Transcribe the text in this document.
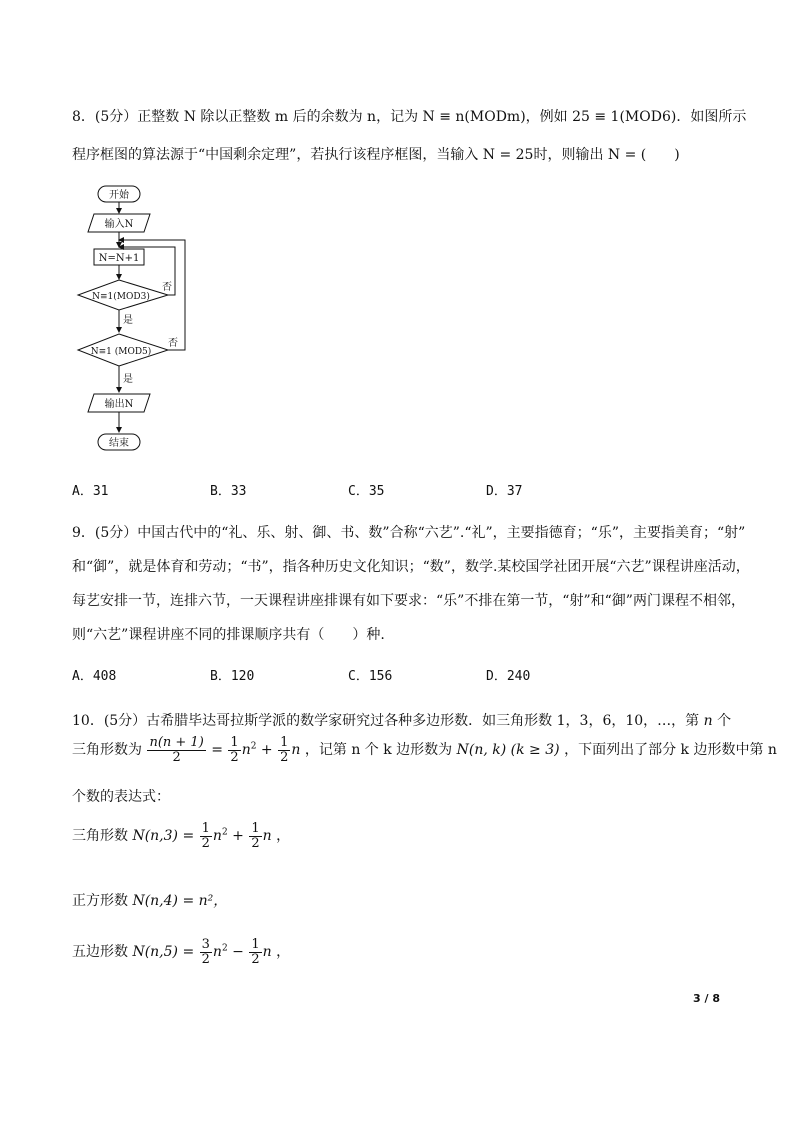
8．(5分）正整数 N 除以正整数 m 后的余数为 n，记为 N ≡ n(MODm)，例如 25 ≡ 1(MOD6)．如图所示
程序框图的算法源于“中国剩余定理”，若执行该程序框图，当输入 N = 25时，则输出 N = (　　)
开始
输入N
N=N+1
N≡1(MOD3)
N≡1 (MOD5)
是
是
否
否
输出N
结束
A．31	B．33	C．35	D．37
9．(5分）中国古代中的“礼、乐、射、御、书、数”合称“六艺”.“礼”，主要指德育；“乐”，主要指美育；“射”
和“御”，就是体育和劳动；“书”，指各种历史文化知识；“数”，数学.某校国学社团开展“六艺”课程讲座活动，
每艺安排一节，连排六节，一天课程讲座排课有如下要求：“乐”不排在第一节，“射”和“御”两门课程不相邻，
则“六艺”课程讲座不同的排课顺序共有（　　）种.
A．408	B．120	C．156	D．240
10．(5分）古希腊毕达哥拉斯学派的数学家研究过各种多边形数．如三角形数 1，3，6，10，…，第 n 个
三角形数为 $\frac{n(n + 1)}{2} = \frac{1}{2} n^2 + \frac{1}{2}$ n ，记第 n 个 k 边形数为 N(n, k) (k ≥ 3) ，下面列出了部分 k 边形数中第 n
个数的表达式：
三角形数 $N(n,3) = \frac{1}{2} n^2 + \frac{1}{2}$ n ，
正方形数 N(n,4) = n²，
五边形数 $N(n,5) = \frac{3}{2} n^2 - \frac{1}{2}$ n ，
3 / 8
